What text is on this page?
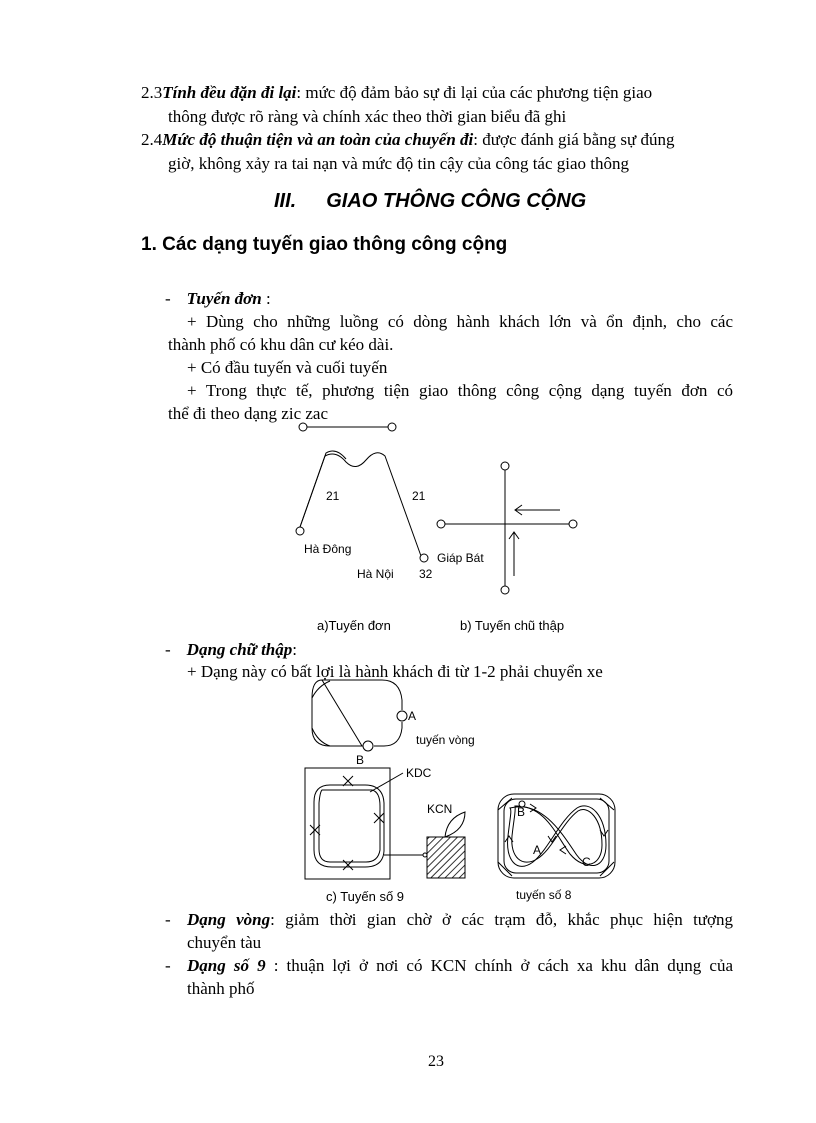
2.3Tính đều đặn đi lại: mức độ đảm bảo sự đi lại của các phương tiện giao
thông được rõ ràng và chính xác theo thời gian biểu đã ghi
2.4Mức độ thuận tiện và an toàn của chuyến đi: được đánh giá bằng sự đúng
giờ, không xảy ra tai nạn và mức độ tin cậy của công tác giao thông
III. GIAO THÔNG CÔNG CỘNG
1. Các dạng tuyến giao thông công cộng
- Tuyến đơn :
+ Dùng cho những luồng có dòng hành khách lớn và ổn định, cho các
thành phố có khu dân cư kéo dài.
+ Có đầu tuyến và cuối tuyến
+ Trong thực tế, phương tiện giao thông công cộng dạng tuyến đơn có
thể đi theo dạng zic zac
- Dạng chữ thập:
+ Dạng này có bất lợi là hành khách đi từ 1-2 phải chuyển xe
- Dạng vòng: giảm thời gian chờ ở các trạm đỗ, khắc phục hiện tượng
chuyển tàu
- Dạng số 9 : thuận lợi ở nơi có KCN chính ở cách xa khu dân dụng của
thành phố
23
21	21
Hà Đông
Giáp Bát
Hà Nội 32
a)Tuyến đơn	b) Tuyến chũ thập
A
tuyến vòng
B
KDC
KCN	B
A
C
c) Tuyến số 9	tuyến số 8
